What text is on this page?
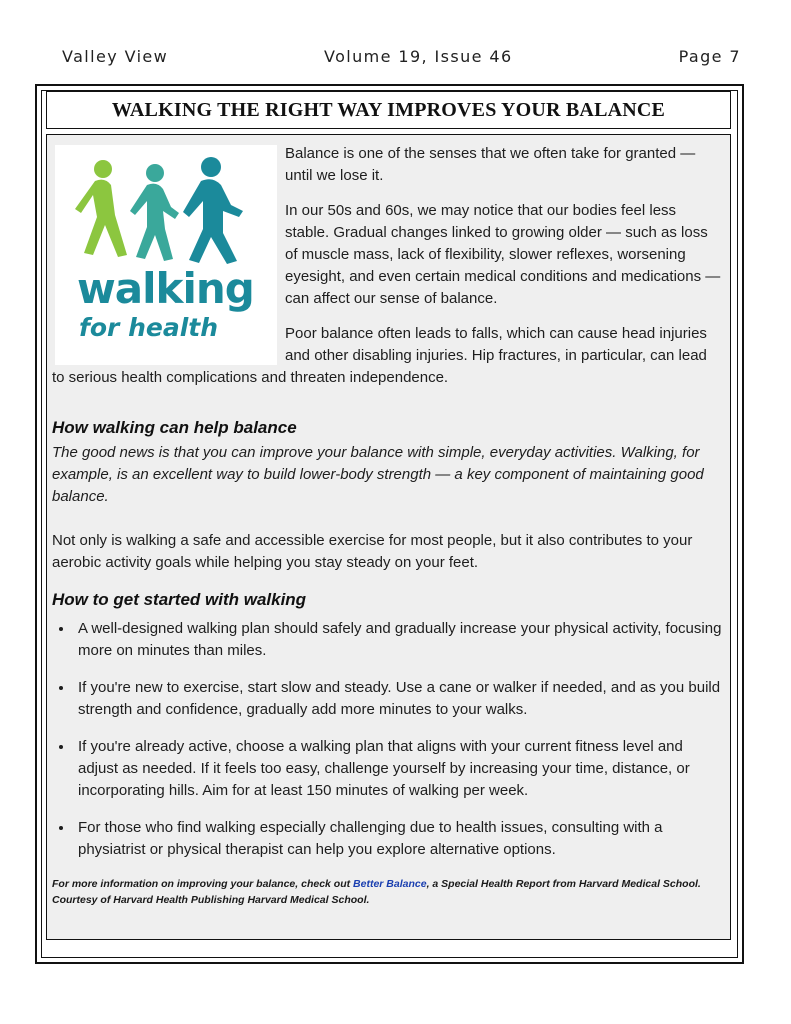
Valley View	Volume 19, Issue 46	Page 7
WALKING THE RIGHT WAY IMPROVES YOUR BALANCE
walking
for health

Balance is one of the senses that we often take for granted — until we lose it.

In our 50s and 60s, we may notice that our bodies feel less stable. Gradual changes linked to growing older — such as loss of muscle mass, lack of flexibility, slower reflexes, worsening eyesight, and even certain medical conditions and medications — can affect our sense of balance.

Poor balance often leads to falls, which can cause head injuries and other disabling injuries. Hip fractures, in particular, can lead to serious health complications and threaten independence.

How walking can help balance

The good news is that you can improve your balance with simple, everyday activities. Walking, for example, is an excellent way to build lower-body strength — a key component of maintaining good balance.

Not only is walking a safe and accessible exercise for most people, but it also contributes to your aerobic activity goals while helping you stay steady on your feet.

How to get started with walking
• A well-designed walking plan should safely and gradually increase your physical activity, focusing more on minutes than miles.
• If you're new to exercise, start slow and steady. Use a cane or walker if needed, and as you build strength and confidence, gradually add more minutes to your walks.
• If you're already active, choose a walking plan that aligns with your current fitness level and adjust as needed. If it feels too easy, challenge yourself by increasing your time, distance, or incorporating hills. Aim for at least 150 minutes of walking per week.
• For those who find walking especially challenging due to health issues, consulting with a physiatrist or physical therapist can help you explore alternative options.
For more information on improving your balance, check out Better Balance, a Special Health Report from Harvard Medical School. Courtesy of Harvard Health Publishing Harvard Medical School.
